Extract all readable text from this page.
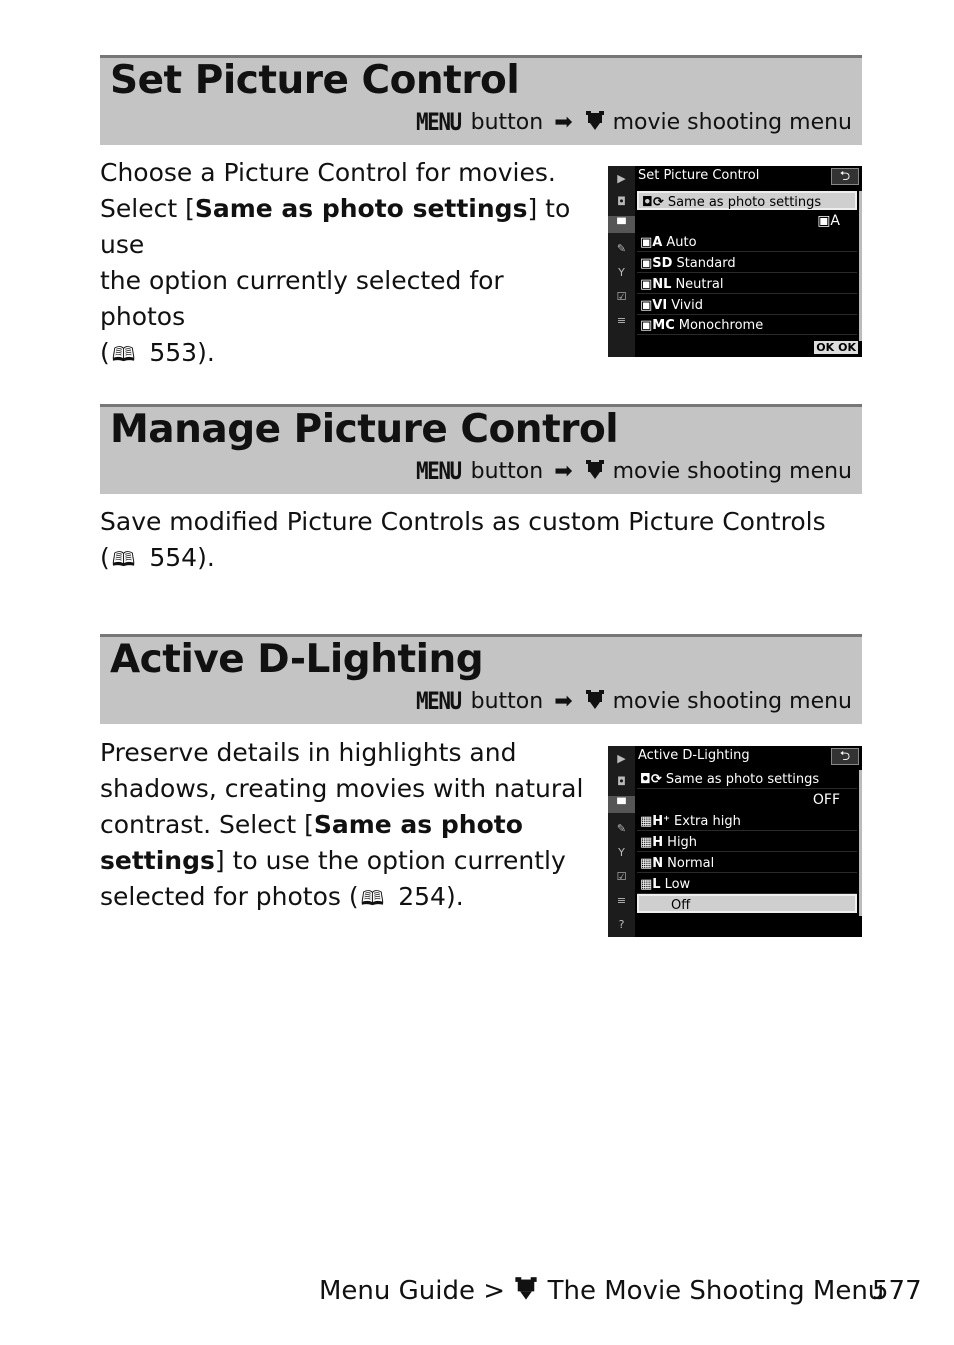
Set Picture Control
MENU button ➡ movie shooting menu
Choose a Picture Control for movies.
Select [Same as photo settings] to use
the option currently selected for photos
( 🕮 553).
▶
◘
▀
✎
Y
☑
≡
Set Picture Control	⮌
◘⟳ Same as photo settings
▣A
▣A Auto
▣SD Standard
▣NL Neutral
▣VI Vivid
▣MC Monochrome
OK OK
Manage Picture Control
MENU button ➡ movie shooting menu
Save modified Picture Controls as custom Picture Controls
( 🕮 554).
Active D-Lighting
MENU button ➡ movie shooting menu
Preserve details in highlights and
shadows, creating movies with natural
contrast. Select [Same as photo
settings] to use the option currently
selected for photos ( 🕮 254).
▶
◘
▀
✎
Y
☑
≡
?
Active D-Lighting	⮌
◘⟳ Same as photo settings
OFF
▦H⁺ Extra high
▦H High
▦N Normal
▦L Low
Off
Menu Guide > The Movie Shooting Menu
577
